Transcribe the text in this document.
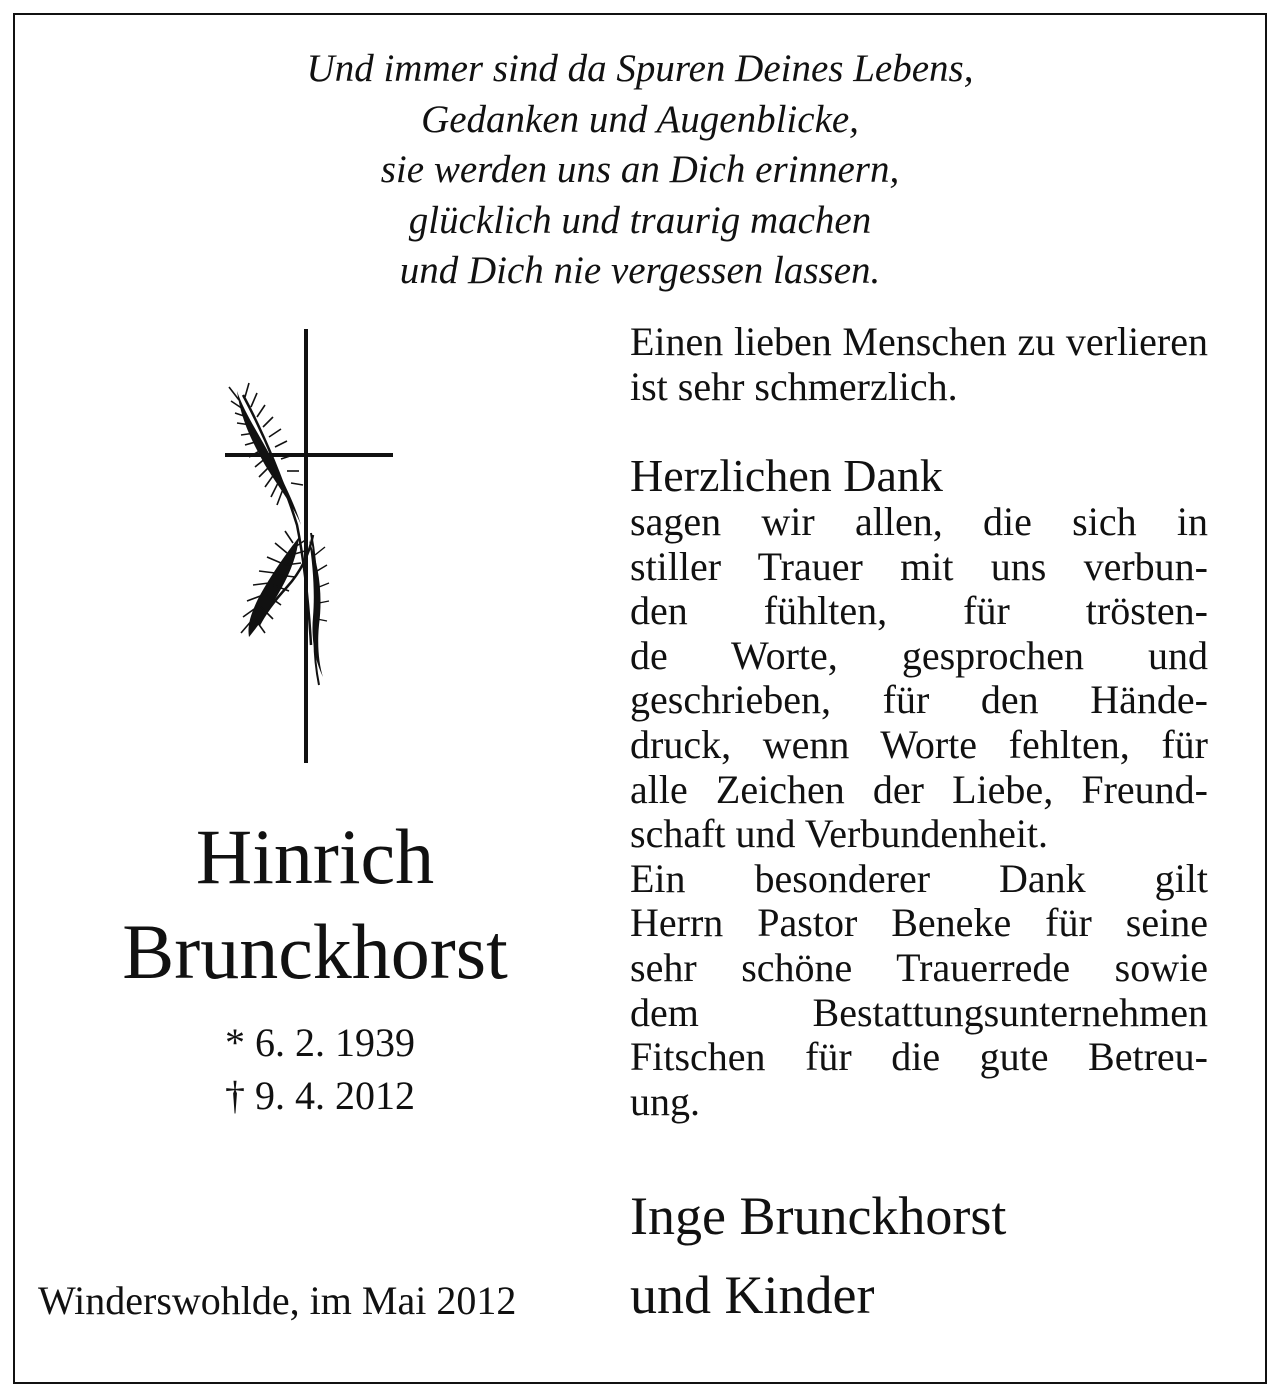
Und immer sind da Spuren Deines Lebens,
Gedanken und Augenblicke,
sie werden uns an Dich erinnern,
glücklich und traurig machen
und Dich nie vergessen lassen.
Hinrich
Brunckhorst
* 6. 2. 1939
† 9. 4. 2012
Winderswohlde, im Mai 2012
Einen lieben Menschen zu verlieren ist sehr schmerzlich.
Herzlichen Dank
sagen wir allen, die sich in
stiller Trauer mit uns verbun-
den fühlten, für trösten-
de Worte, gesprochen und
geschrieben, für den Hände-
druck, wenn Worte fehlten, für
alle Zeichen der Liebe, Freund-
schaft und Verbundenheit.
Ein besonderer Dank gilt
Herrn Pastor Beneke für seine
sehr schöne Trauerrede sowie
dem Bestattungsunternehmen
Fitschen für die gute Betreu-
ung.
Inge Brunckhorst
und Kinder
